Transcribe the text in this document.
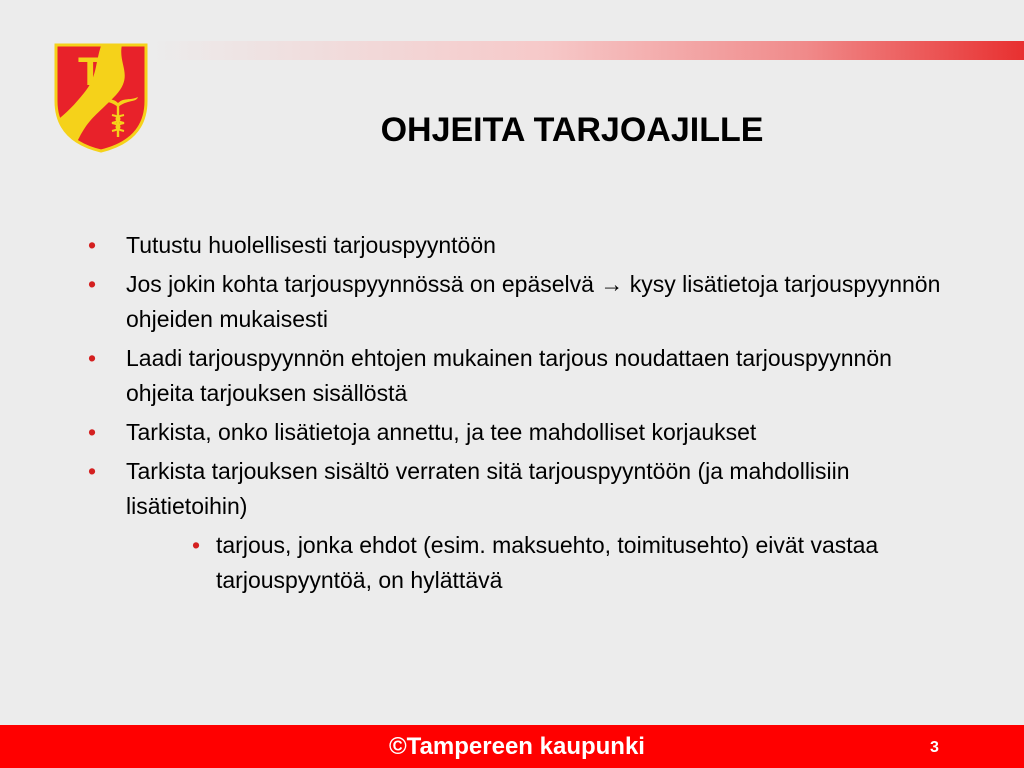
T
OHJEITA TARJOAJILLE
• Tutustu huolellisesti tarjouspyyntöön
• Jos jokin kohta tarjouspyynnössä on epäselvä → kysy lisätietoja tarjouspyynnön ohjeiden mukaisesti
• Laadi tarjouspyynnön ehtojen mukainen tarjous noudattaen tarjouspyynnön ohjeita tarjouksen sisällöstä
• Tarkista, onko lisätietoja annettu, ja tee mahdolliset korjaukset
• Tarkista tarjouksen sisältö verraten sitä tarjouspyyntöön (ja mahdollisiin lisätietoihin)
• tarjous, jonka ehdot (esim. maksuehto, toimitusehto) eivät vastaa tarjouspyyntöä, on hylättävä
©Tampereen kaupunki	3
